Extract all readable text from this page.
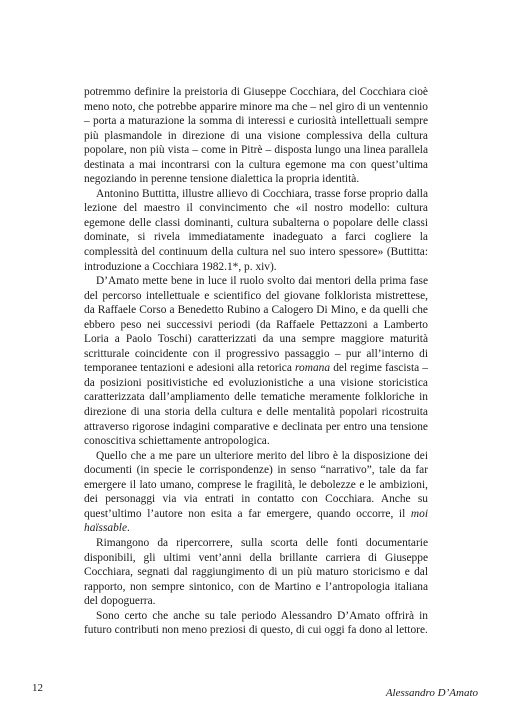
potremmo definire la preistoria di Giuseppe Cocchiara, del Cocchiara cioè meno noto, che potrebbe apparire minore ma che – nel giro di un ventennio – porta a maturazione la somma di interessi e curiosità intellettuali sempre più plasmandole in direzione di una visione complessiva della cultura popolare, non più vista – come in Pitrè – disposta lungo una linea parallela destinata a mai incontrarsi con la cultura egemone ma con quest’ultima negoziando in perenne tensione dialettica la propria identità.

Antonino Buttitta, illustre allievo di Cocchiara, trasse forse proprio dalla lezione del maestro il convincimento che «il nostro modello: cultura egemone delle classi dominanti, cultura subalterna o popolare delle classi dominate, si rivela immediatamente inadeguato a farci cogliere la complessità del continuum della cultura nel suo intero spessore» (Buttitta: introduzione a Cocchiara 1982.1*, p. xiv).

D’Amato mette bene in luce il ruolo svolto dai mentori della prima fase del percorso intellettuale e scientifico del giovane folklorista mistrettese, da Raffaele Corso a Benedetto Rubino a Calogero Di Mino, e da quelli che ebbero peso nei successivi periodi (da Raffaele Pettazzoni a Lamberto Loria a Paolo Toschi) caratterizzati da una sempre maggiore maturità scritturale coincidente con il progressivo passaggio – pur all’interno di temporanee tentazioni e adesioni alla retorica romana del regime fascista – da posizioni positivistiche ed evoluzionistiche a una visione storicistica caratterizzata dall’ampliamento delle tematiche meramente folkloriche in direzione di una storia della cultura e delle mentalità popolari ricostruita attraverso rigorose indagini comparative e declinata per entro una tensione conoscitiva schiettamente antropologica.

Quello che a me pare un ulteriore merito del libro è la disposizione dei documenti (in specie le corrispondenze) in senso “narrativo”, tale da far emergere il lato umano, comprese le fragilità, le debolezze e le ambizioni, dei personaggi via via entrati in contatto con Cocchiara. Anche su quest’ultimo l’autore non esita a far emergere, quando occorre, il moi haïssable.

Rimangono da ripercorrere, sulla scorta delle fonti documentarie disponibili, gli ultimi vent’anni della brillante carriera di Giuseppe Cocchiara, segnati dal raggiungimento di un più maturo storicismo e dal rapporto, non sempre sintonico, con de Martino e l’antropologia italiana del dopoguerra.

Sono certo che anche su tale periodo Alessandro D’Amato offrirà in futuro contributi non meno preziosi di questo, di cui oggi fa dono al lettore.

12	Alessandro D’Amato
